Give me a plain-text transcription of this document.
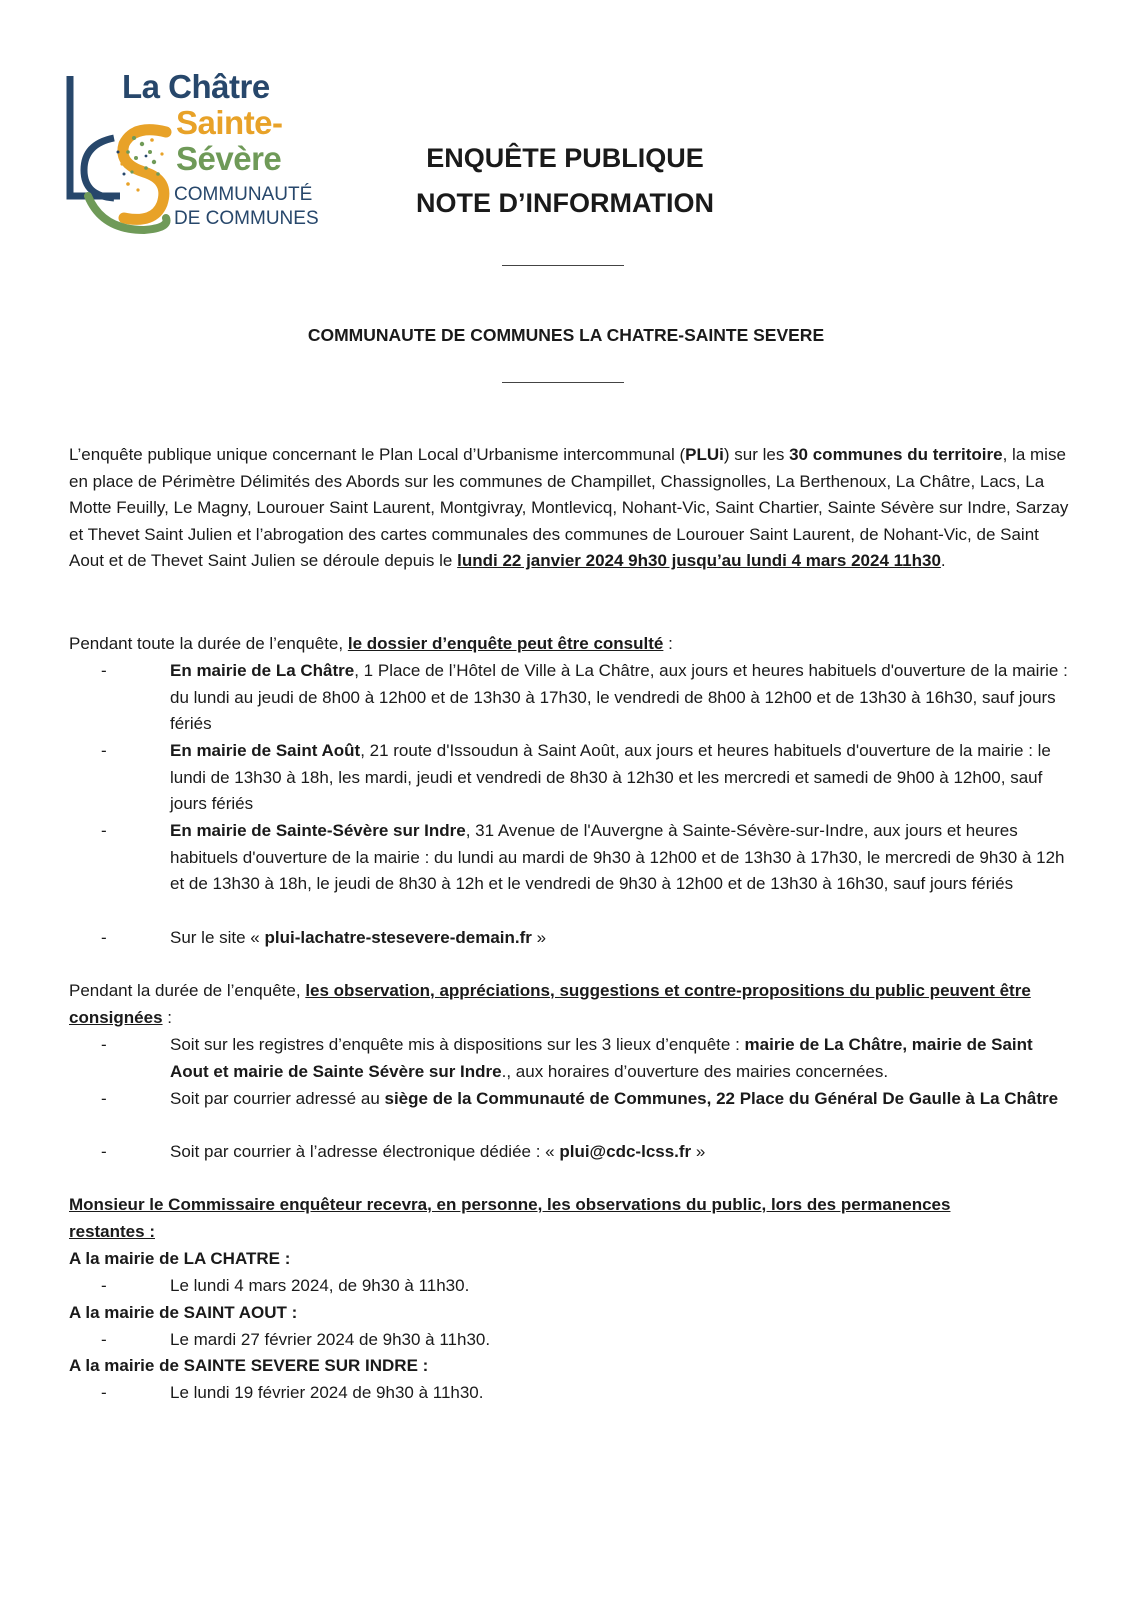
La Châtre
Sainte-
Sévère
COMMUNAUTÉ
DE COMMUNES
ENQUÊTE PUBLIQUE
NOTE D’INFORMATION
COMMUNAUTE DE COMMUNES LA CHATRE-SAINTE SEVERE
L’enquête publique unique concernant le Plan Local d’Urbanisme intercommunal (PLUi) sur les 30 communes du territoire, la mise en place de Périmètre Délimités des Abords sur les communes de Champillet, Chassignolles, La Berthenoux, La Châtre, Lacs, La Motte Feuilly, Le Magny, Lourouer Saint Laurent, Montgivray, Montlevicq, Nohant-Vic, Saint Chartier, Sainte Sévère sur Indre, Sarzay et Thevet Saint Julien et l’abrogation des cartes communales des communes de Lourouer Saint Laurent, de Nohant-Vic, de Saint Aout et de Thevet Saint Julien se déroule depuis le lundi 22 janvier 2024 9h30 jusqu’au lundi 4 mars 2024 11h30.
Pendant toute la durée de l’enquête, le dossier d’enquête peut être consulté :
-	En mairie de La Châtre, 1 Place de l’Hôtel de Ville à La Châtre, aux jours et heures habituels d'ouverture de la mairie : du lundi au jeudi de 8h00 à 12h00 et de 13h30 à 17h30, le vendredi de 8h00 à 12h00 et de 13h30 à 16h30, sauf jours fériés
-	En mairie de Saint Août, 21 route d'Issoudun à Saint Août, aux jours et heures habituels d'ouverture de la mairie : le lundi de 13h30 à 18h, les mardi, jeudi et vendredi de 8h30 à 12h30 et les mercredi et samedi de 9h00 à 12h00, sauf jours fériés
-	En mairie de Sainte-Sévère sur Indre, 31 Avenue de l'Auvergne à Sainte-Sévère-sur-Indre, aux jours et heures habituels d'ouverture de la mairie : du lundi au mardi de 9h30 à 12h00 et de 13h30 à 17h30, le mercredi de 9h30 à 12h et de 13h30 à 18h, le jeudi de 8h30 à 12h et le vendredi de 9h30 à 12h00 et de 13h30 à 16h30, sauf jours fériés
-	Sur le site « plui-lachatre-stesevere-demain.fr »
Pendant la durée de l’enquête, les observation, appréciations, suggestions et contre-propositions du public peuvent être consignées :
-	Soit sur les registres d’enquête mis à dispositions sur les 3 lieux d’enquête : mairie de La Châtre, mairie de Saint Aout et mairie de Sainte Sévère sur Indre., aux horaires d’ouverture des mairies concernées.
-	Soit par courrier adressé au siège de la Communauté de Communes, 22 Place du Général De Gaulle à La Châtre
-	Soit par courrier à l’adresse électronique dédiée : « plui@cdc-lcss.fr »
Monsieur le Commissaire enquêteur recevra, en personne, les observations du public, lors des permanences restantes :
A la mairie de LA CHATRE :
-	Le lundi 4 mars 2024, de 9h30 à 11h30.
A la mairie de SAINT AOUT :
-	Le mardi 27 février 2024 de 9h30 à 11h30.
A la mairie de SAINTE SEVERE SUR INDRE :
-	Le lundi 19 février 2024 de 9h30 à 11h30.
